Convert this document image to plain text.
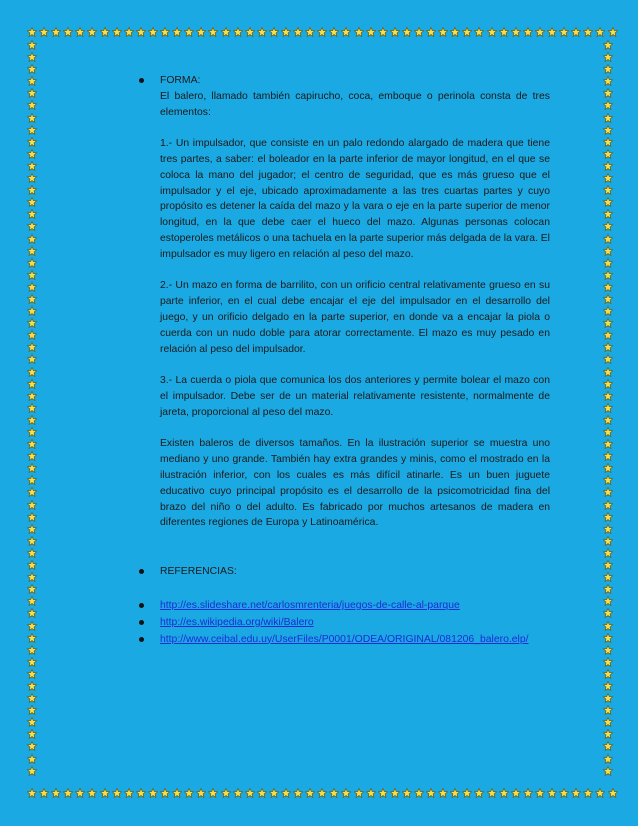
FORMA:

El balero, llamado también capirucho, coca, emboque o perinola consta de tres elementos:

1.- Un impulsador, que consiste en un palo redondo alargado de madera que tiene tres partes, a saber: el boleador en la parte inferior de mayor longitud, en el que se coloca la mano del jugador; el centro de seguridad, que es más grueso que el impulsador y el eje, ubicado aproximadamente a las tres cuartas partes y cuyo propósito es detener la caída del mazo y la vara o eje en la parte superior de menor longitud, en la que debe caer el hueco del mazo. Algunas personas colocan estoperoles metálicos o una tachuela en la parte superior más delgada de la vara. El impulsador es muy ligero en relación al peso del mazo.

2.- Un mazo en forma de barrilito, con un orificio central relativamente grueso en su parte inferior, en el cual debe encajar el eje del impulsador en el desarrollo del juego, y un orificio delgado en la parte superior, en donde va a encajar la piola o cuerda con un nudo doble para atorar correctamente. El mazo es muy pesado en relación al peso del impulsador.

3.- La cuerda o piola que comunica los dos anteriores y permite bolear el mazo con el impulsador. Debe ser de un material relativamente resistente, normalmente de jareta, proporcional al peso del mazo.

Existen baleros de diversos tamaños. En la ilustración superior se muestra uno mediano y uno grande. También hay extra grandes y minis, como el mostrado en la ilustración inferior, con los cuales es más difícil atinarle. Es un buen juguete educativo cuyo principal propósito es el desarrollo de la psicomotricidad fina del brazo del niño o del adulto. Es fabricado por muchos artesanos de madera en diferentes regiones de Europa y Latinoamérica.

REFERENCIAS:
http://es.slideshare.net/carlosmrenteria/juegos-de-calle-al-parque
http://es.wikipedia.org/wiki/Balero
http://www.ceibal.edu.uy/UserFiles/P0001/ODEA/ORIGINAL/081206_balero.elp/
